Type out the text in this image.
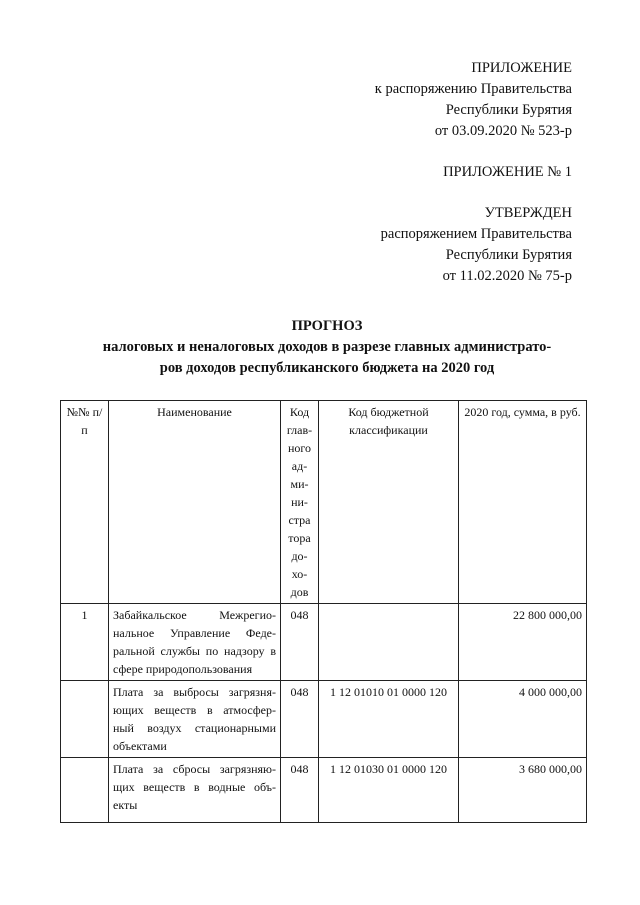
ПРИЛОЖЕНИЕ
к распоряжению Правительства
Республики Бурятия
от 03.09.2020 № 523-р
ПРИЛОЖЕНИЕ № 1
УТВЕРЖДЕН
распоряжением Правительства
Республики Бурятия
от 11.02.2020 № 75-р
ПРОГНОЗ
налоговых и неналоговых доходов в разрезе главных администрато-
ров доходов республиканского бюджета на 2020 год
№№ п/п	Наименование	Код глав- ного ад- ми- ни- стра тора до- хо- дов	Код бюджетной классификации	2020 год, сумма, в руб.
1	Забайкальское Межрегио- нальное Управление Феде- ральной службы по надзору в сфере природопользования	048		22 800 000,00
	Плата за выбросы загрязня- ющих веществ в атмосфер- ный воздух стационарными объектами	048	1 12 01010 01 0000 120	4 000 000,00
	Плата за сбросы загрязняю- щих веществ в водные объ- екты	048	1 12 01030 01 0000 120	3 680 000,00
